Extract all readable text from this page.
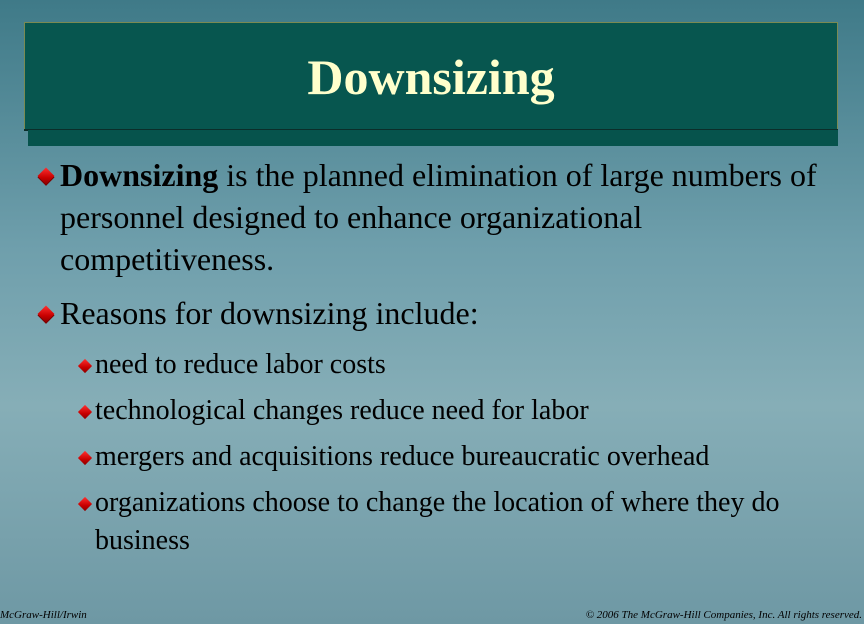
Downsizing
Downsizing is the planned elimination of large numbers of personnel designed to enhance organizational competitiveness.
Reasons for downsizing include:
need to reduce labor costs
technological changes reduce need for labor
mergers and acquisitions reduce bureaucratic overhead
organizations choose to change the location of where they do business
McGraw-Hill/Irwin	© 2006 The McGraw-Hill Companies, Inc. All rights reserved.
